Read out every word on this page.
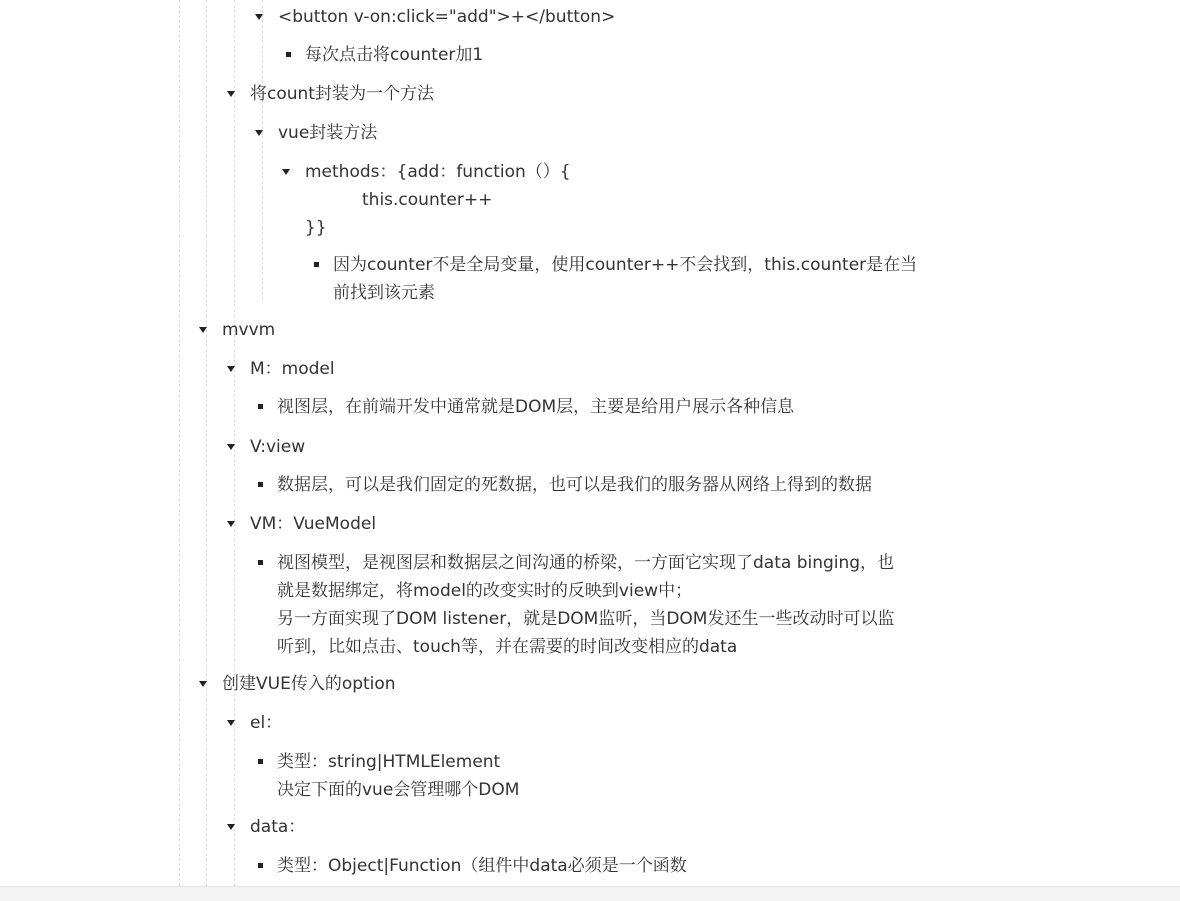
<button v-on:click="add">+</button>
每次点击将counter加1
将count封装为一个方法
vue封装方法
methods：{add：function（）{
this.counter++
}}
因为counter不是全局变量，使用counter++不会找到，this.counter是在当
前找到该元素
mvvm
M：model
视图层，在前端开发中通常就是DOM层，主要是给用户展示各种信息
V:view
数据层，可以是我们固定的死数据，也可以是我们的服务器从网络上得到的数据
VM：VueModel
视图模型，是视图层和数据层之间沟通的桥梁，一方面它实现了data binging，也
就是数据绑定，将model的改变实时的反映到view中；
另一方面实现了DOM listener，就是DOM监听，当DOM发还生一些改动时可以监
听到，比如点击、touch等，并在需要的时间改变相应的data
创建VUE传入的option
el：
类型：string|HTMLElement
决定下面的vue会管理哪个DOM
data：
类型：Object|Function（组件中data必须是一个函数
